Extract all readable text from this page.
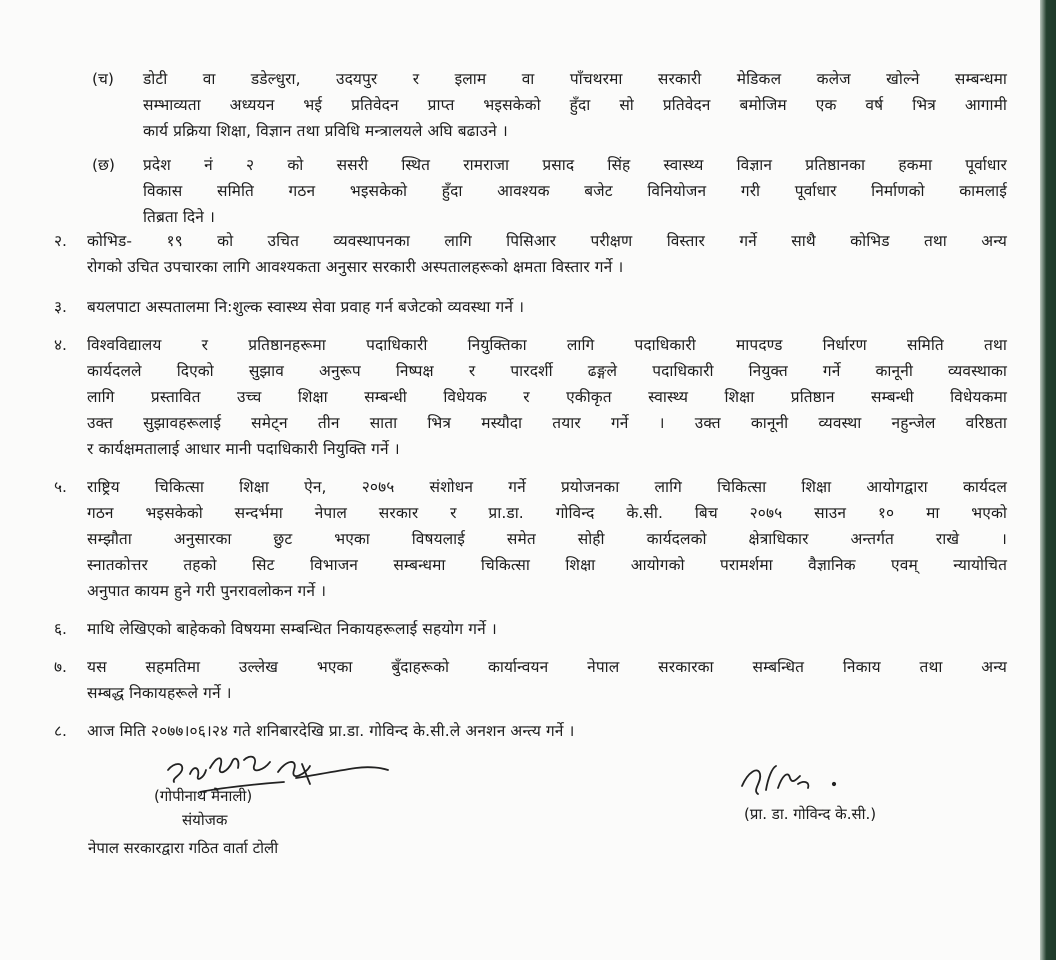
(च) डोटी वा डडेल्धुरा, उदयपुर र इलाम वा पाँचथरमा सरकारी मेडिकल कलेज खोल्ने सम्बन्धमा
सम्भाव्यता अध्ययन भई प्रतिवेदन प्राप्त भइसकेको हुँदा सो प्रतिवेदन बमोजिम एक वर्ष भित्र आगामी
कार्य प्रक्रिया शिक्षा, विज्ञान तथा प्रविधि मन्त्रालयले अघि बढाउने ।
(छ) प्रदेश नं २ को ससरी स्थित रामराजा प्रसाद सिंह स्वास्थ्य विज्ञान प्रतिष्ठानका हकमा पूर्वाधार
विकास समिति गठन भइसकेको हुँदा आवश्यक बजेट विनियोजन गरी पूर्वाधार निर्माणको कामलाई
तिब्रता दिने ।
२. कोभिड- १९ को उचित व्यवस्थापनका लागि पिसिआर परीक्षण विस्तार गर्ने साथै कोभिड तथा अन्य
रोगको उचित उपचारका लागि आवश्यकता अनुसार सरकारी अस्पतालहरूको क्षमता विस्तार गर्ने ।
३. बयलपाटा अस्पतालमा नि:शुल्क स्वास्थ्य सेवा प्रवाह गर्न बजेटको व्यवस्था गर्ने ।
४. विश्वविद्यालय र प्रतिष्ठानहरूमा पदाधिकारी नियुक्तिका लागि पदाधिकारी मापदण्ड निर्धारण समिति तथा
कार्यदलले दिएको सुझाव अनुरूप निष्पक्ष र पारदर्शी ढङ्गले पदाधिकारी नियुक्त गर्ने कानूनी व्यवस्थाका
लागि प्रस्तावित उच्च शिक्षा सम्बन्धी विधेयक र एकीकृत स्वास्थ्य शिक्षा प्रतिष्ठान सम्बन्धी विधेयकमा
उक्त सुझावहरूलाई समेट्न तीन साता भित्र मस्यौदा तयार गर्ने । उक्त कानूनी व्यवस्था नहुन्जेल वरिष्ठता
र कार्यक्षमतालाई आधार मानी पदाधिकारी नियुक्ति गर्ने ।
५. राष्ट्रिय चिकित्सा शिक्षा ऐन, २०७५ संशोधन गर्ने प्रयोजनका लागि चिकित्सा शिक्षा आयोगद्वारा कार्यदल
गठन भइसकेको सन्दर्भमा नेपाल सरकार र प्रा.डा. गोविन्द के.सी. बिच २०७५ साउन १० मा भएको
सम्झौता अनुसारका छुट भएका विषयलाई समेत सोही कार्यदलको क्षेत्राधिकार अन्तर्गत राखे ।
स्नातकोत्तर तहको सिट विभाजन सम्बन्धमा चिकित्सा शिक्षा आयोगको परामर्शमा वैज्ञानिक एवम् न्यायोचित
अनुपात कायम हुने गरी पुनरावलोकन गर्ने ।
६. माथि लेखिएको बाहेकको विषयमा सम्बन्धित निकायहरूलाई सहयोग गर्ने ।
७. यस सहमतिमा उल्लेख भएका बुँदाहरूको कार्यान्वयन नेपाल सरकारका सम्बन्धित निकाय तथा अन्य
सम्बद्ध निकायहरूले गर्ने ।
८. आज मिति २०७७।०६।२४ गते शनिबारदेखि प्रा.डा. गोविन्द के.सी.ले अनशन अन्त्य गर्ने ।
(गोपीनाथ मैनाली)
संयोजक
नेपाल सरकारद्वारा गठित वार्ता टोली
(प्रा. डा. गोविन्द के.सी.)
